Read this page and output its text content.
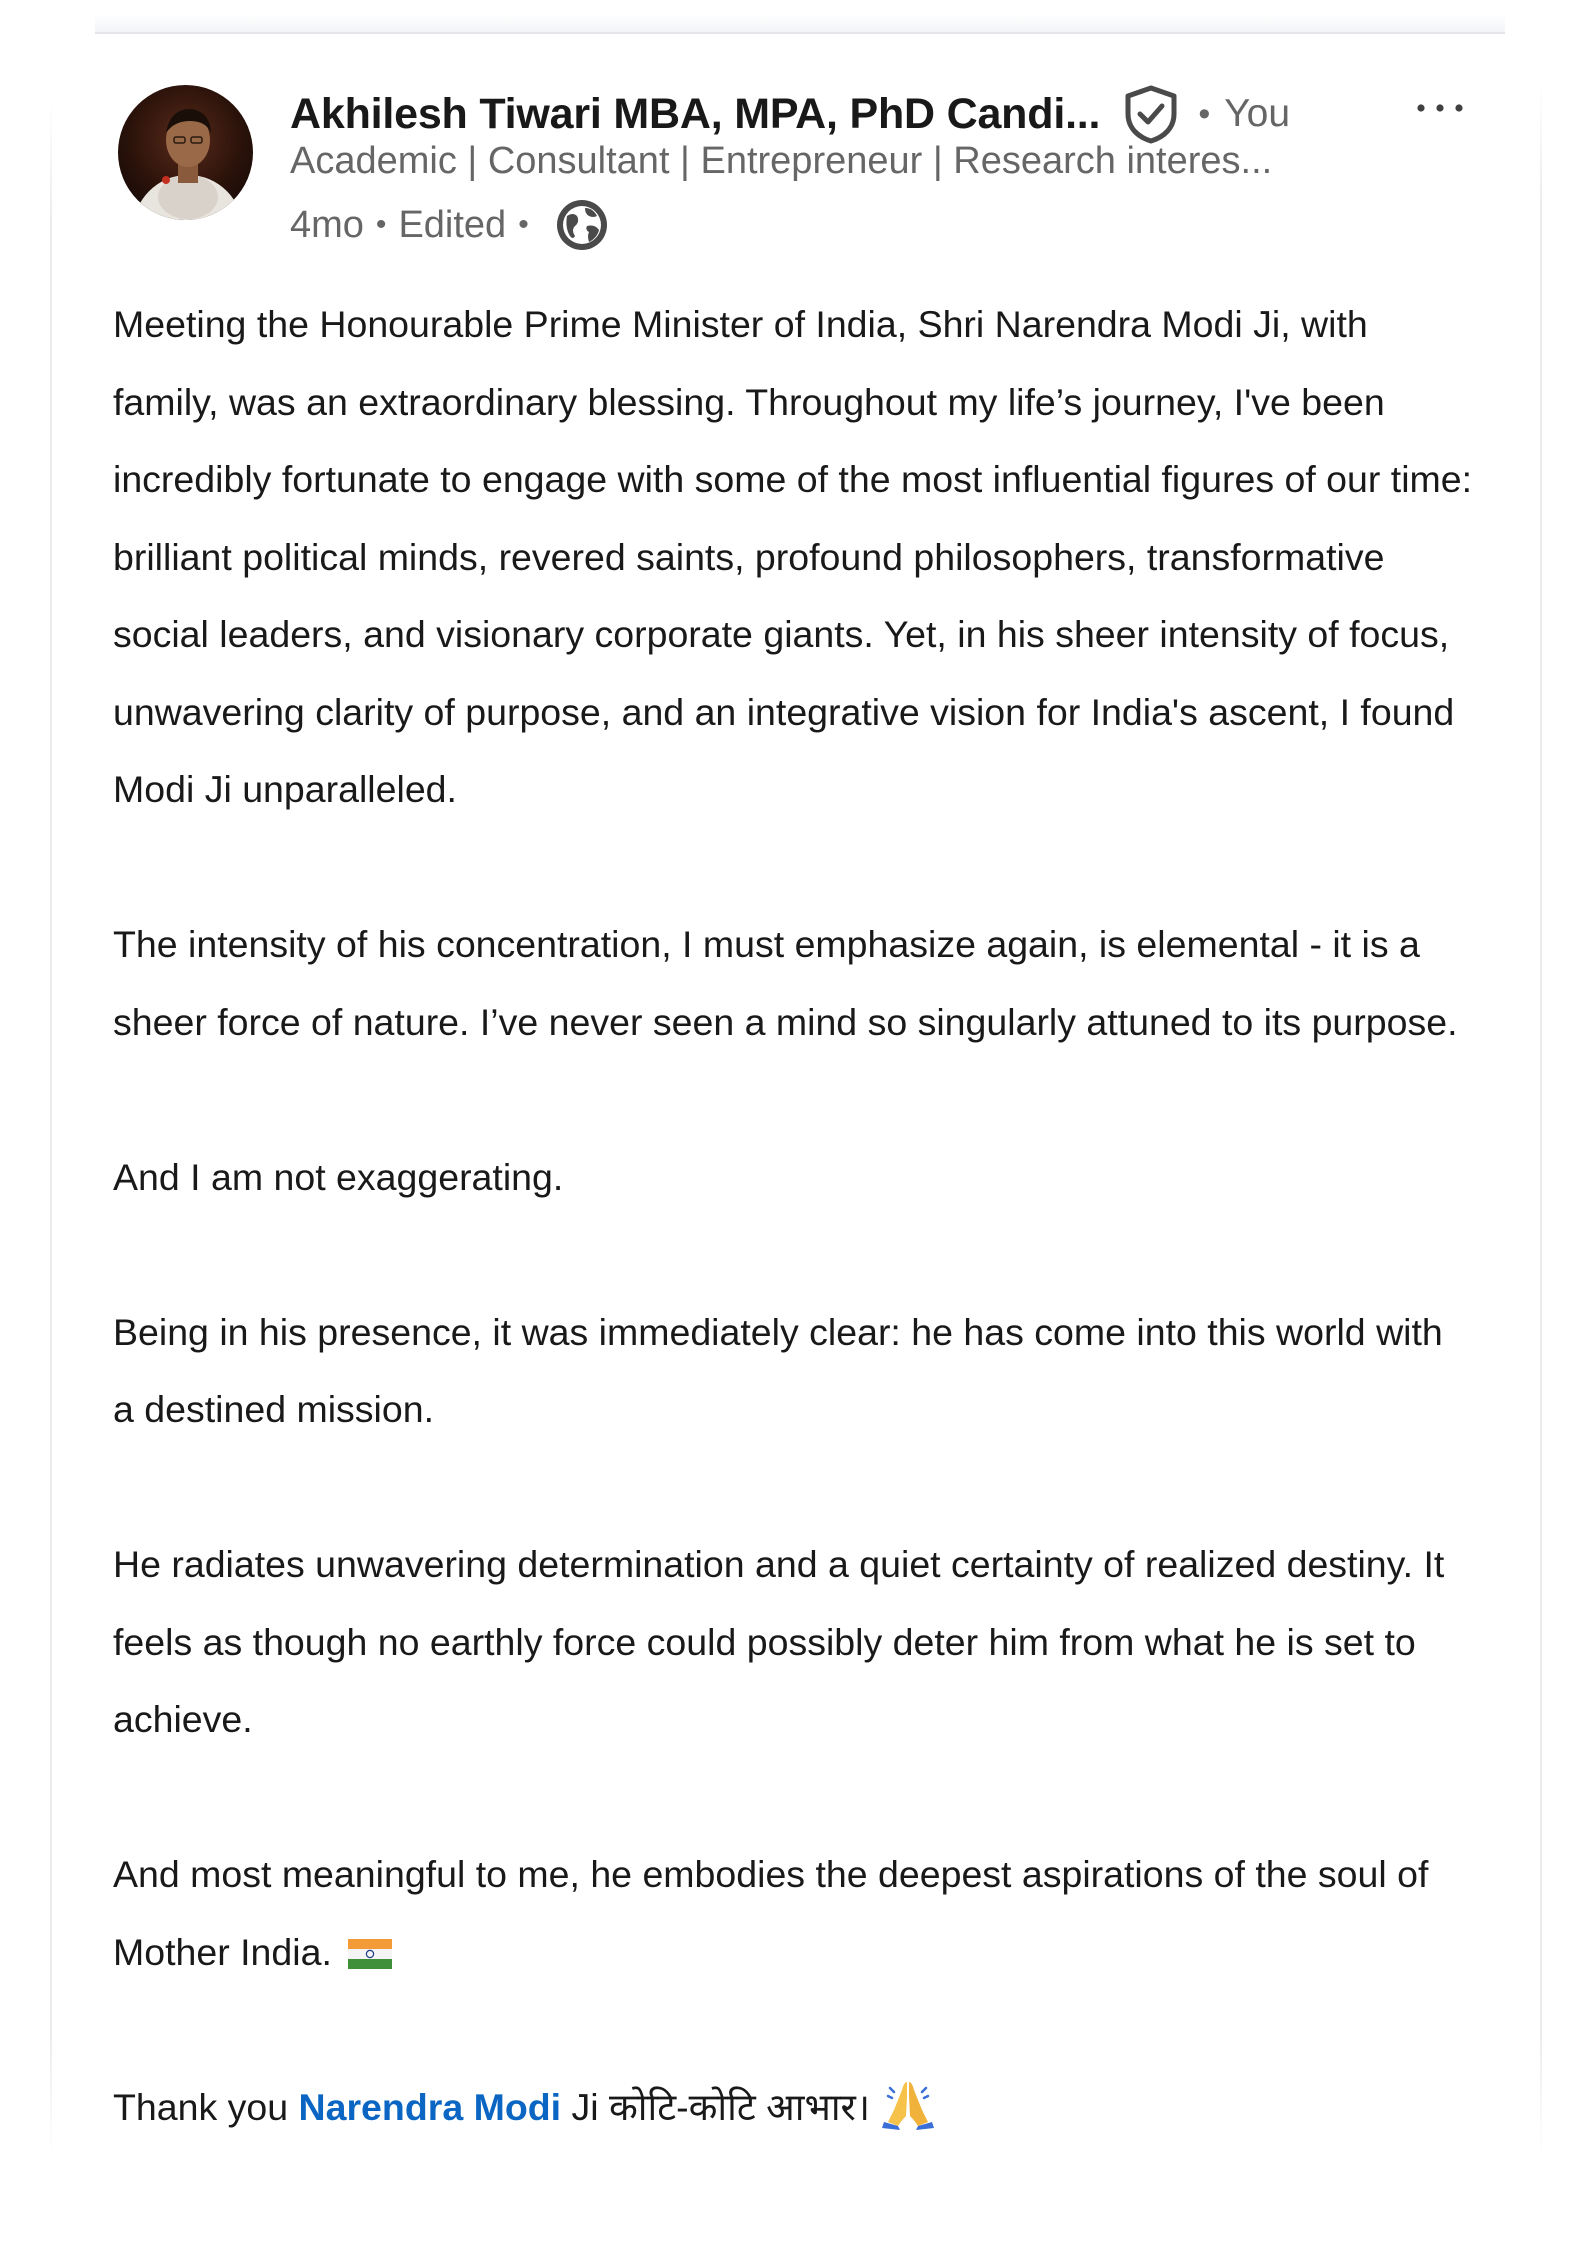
Akhilesh Tiwari MBA, MPA, PhD Candi...	• You
Academic | Consultant | Entrepreneur | Research interes...
4mo • Edited •

Meeting the Honourable Prime Minister of India, Shri Narendra Modi Ji, with family, was an extraordinary blessing. Throughout my life’s journey, I've been incredibly fortunate to engage with some of the most influential figures of our time: brilliant political minds, revered saints, profound philosophers, transformative social leaders, and visionary corporate giants. Yet, in his sheer intensity of focus, unwavering clarity of purpose, and an integrative vision for India's ascent, I found Modi Ji unparalleled.

The intensity of his concentration, I must emphasize again, is elemental - it is a sheer force of nature. I’ve never seen a mind so singularly attuned to its purpose.

And I am not exaggerating.

Being in his presence, it was immediately clear: he has come into this world with a destined mission.

He radiates unwavering determination and a quiet certainty of realized destiny. It feels as though no earthly force could possibly deter him from what he is set to achieve.

And most meaningful to me, he embodies the deepest aspirations of the soul of Mother India.

Thank you Narendra Modi Ji कोटि-कोटि आभार।
